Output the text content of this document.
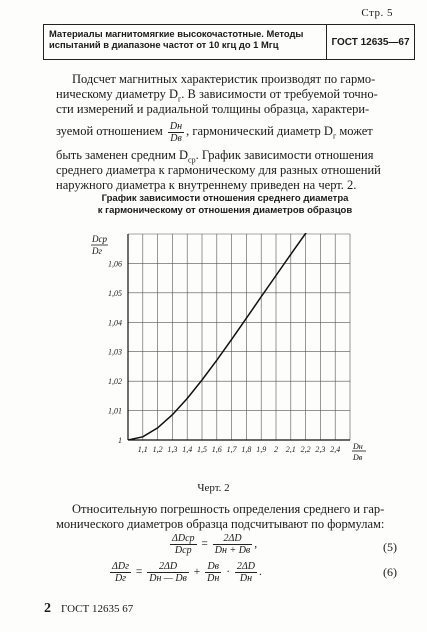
Стр. 5
Материалы магнитомягкие высокочастотные. Методы
испытаний в диапазоне частот от 10 кгц до 1 Мгц	ГОСТ 12635—67
Подсчет магнитных характеристик производят по гармо-
ническому диаметру $D_г$. В зависимости от требуемой точно-
сти измерений и радиальной толщины образца, характери-
зуемой отношением $\frac{Dн}{Dв}$ , гармонический диаметр $D_г$ может
быть заменен средним $D_{ср}$. График зависимости отношения
среднего диаметра к гармоническому для разных отношений
наружного диаметра к внутреннему приведен на черт. 2.
График зависимости отношения среднего диаметра
к гармоническому от отношения диаметров образцов
1,1 1,2 1,3 1,4 1,5 1,6 1,7 1,8 1,9 2 2,1 2,2 2,3 2,4
1
1,01
1,02
1,03
1,04
1,05
1,06
Dср
Dг
Dн
Dв
Черт. 2
Относительную погрешность определения среднего и гар-
монического диаметров образца подсчитывают по формулам:
$\frac{\text{ΔDср}}{\text{Dср}} = \frac{2\Delta D}{Dн + Dв}$ ,	(5)
$\frac{\text{ΔDг}}{Dг} = \frac{2\Delta D}{Dн — Dв} + \frac{Dв}{Dн} \cdot \frac{2\Delta D}{Dн}$ .	(6)
2 ГОСТ 12635 67
